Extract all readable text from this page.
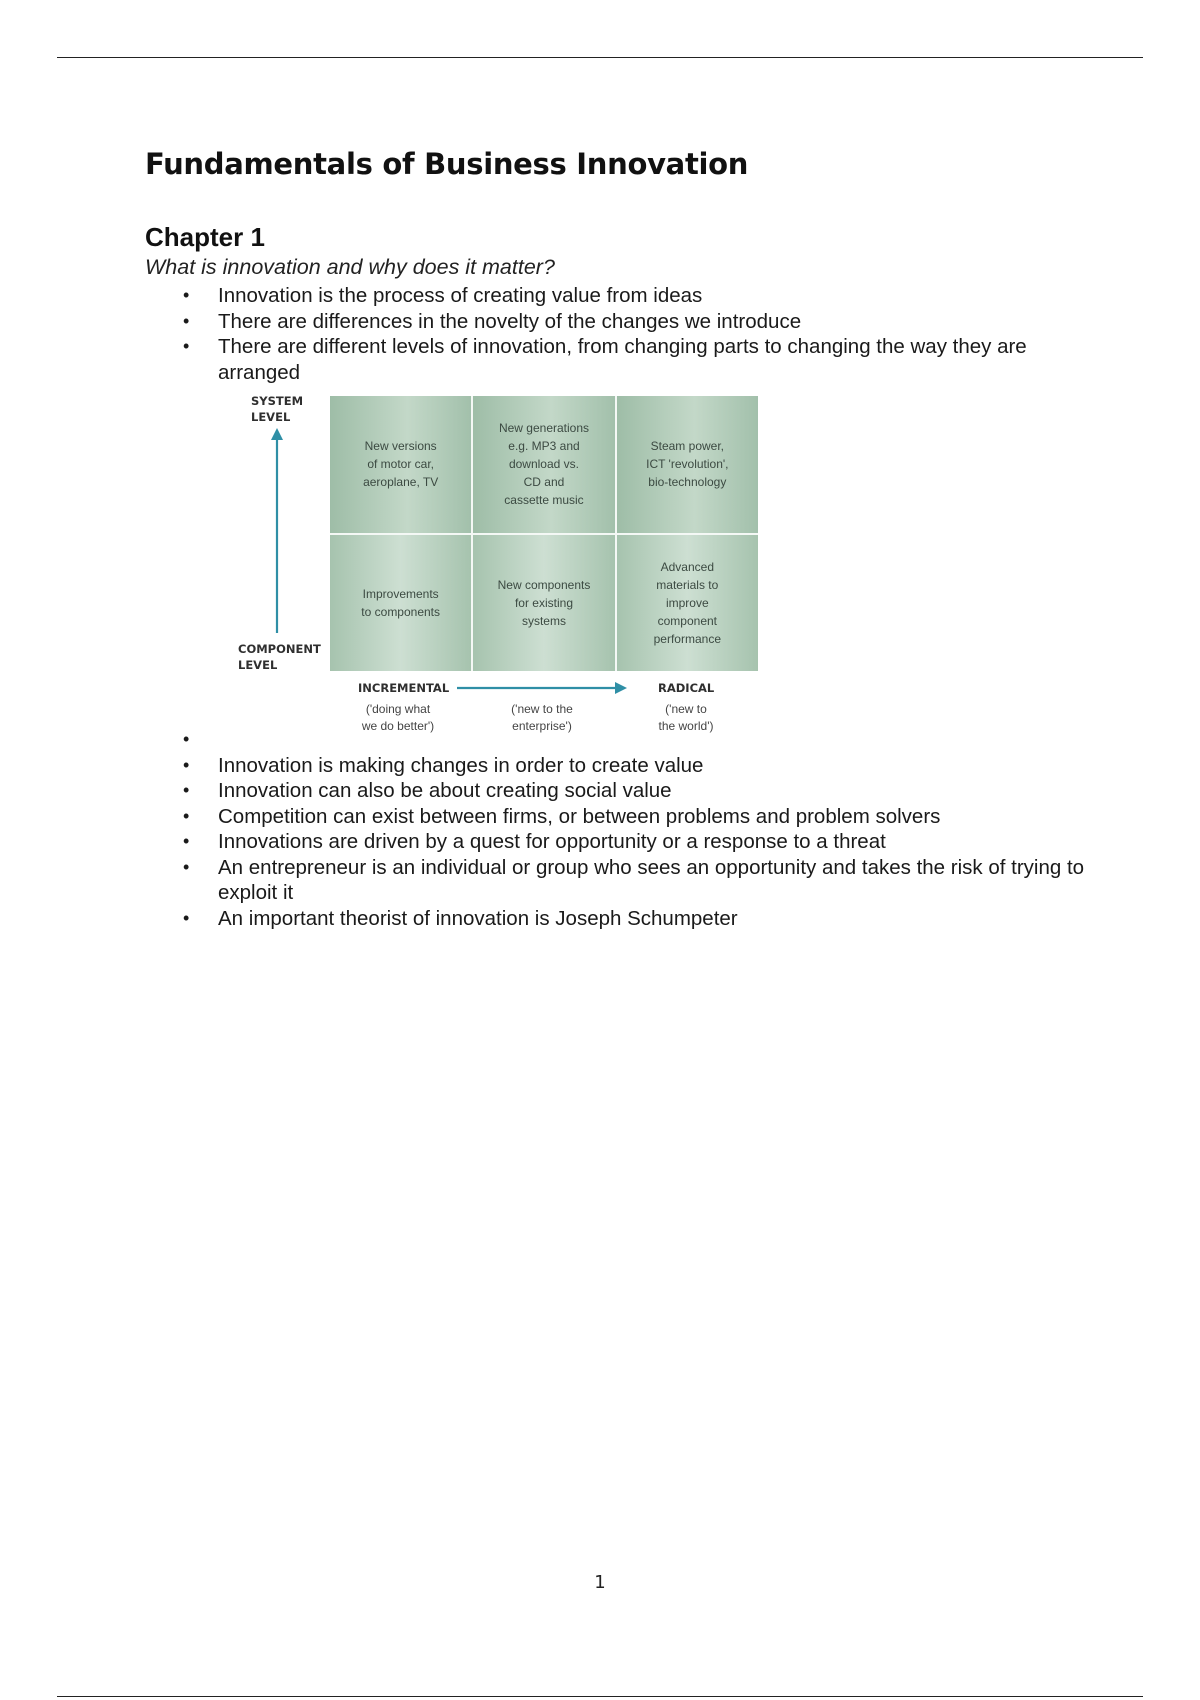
Fundamentals of Business Innovation
Chapter 1

What is innovation and why does it matter?

• Innovation is the process of creating value from ideas
• There are differences in the novelty of the changes we introduce
• There are different levels of innovation, from changing parts to changing the way they are arranged
SYSTEM
LEVEL
COMPONENT
LEVEL
New versions
of motor car,
aeroplane, TV
New generations
e.g. MP3 and
download vs.
CD and
cassette music
Steam power,
ICT 'revolution',
bio-technology
Improvements
to components
New components
for existing
systems
Advanced
materials to
improve
component
performance
INCREMENTAL	RADICAL
('doing what
we do better')
('new to the
enterprise')
('new to
the world')
•
• Innovation is making changes in order to create value
• Innovation can also be about creating social value
• Competition can exist between firms, or between problems and problem solvers
• Innovations are driven by a quest for opportunity or a response to a threat
• An entrepreneur is an individual or group who sees an opportunity and takes the risk of trying to exploit it
• An important theorist of innovation is Joseph Schumpeter
1
